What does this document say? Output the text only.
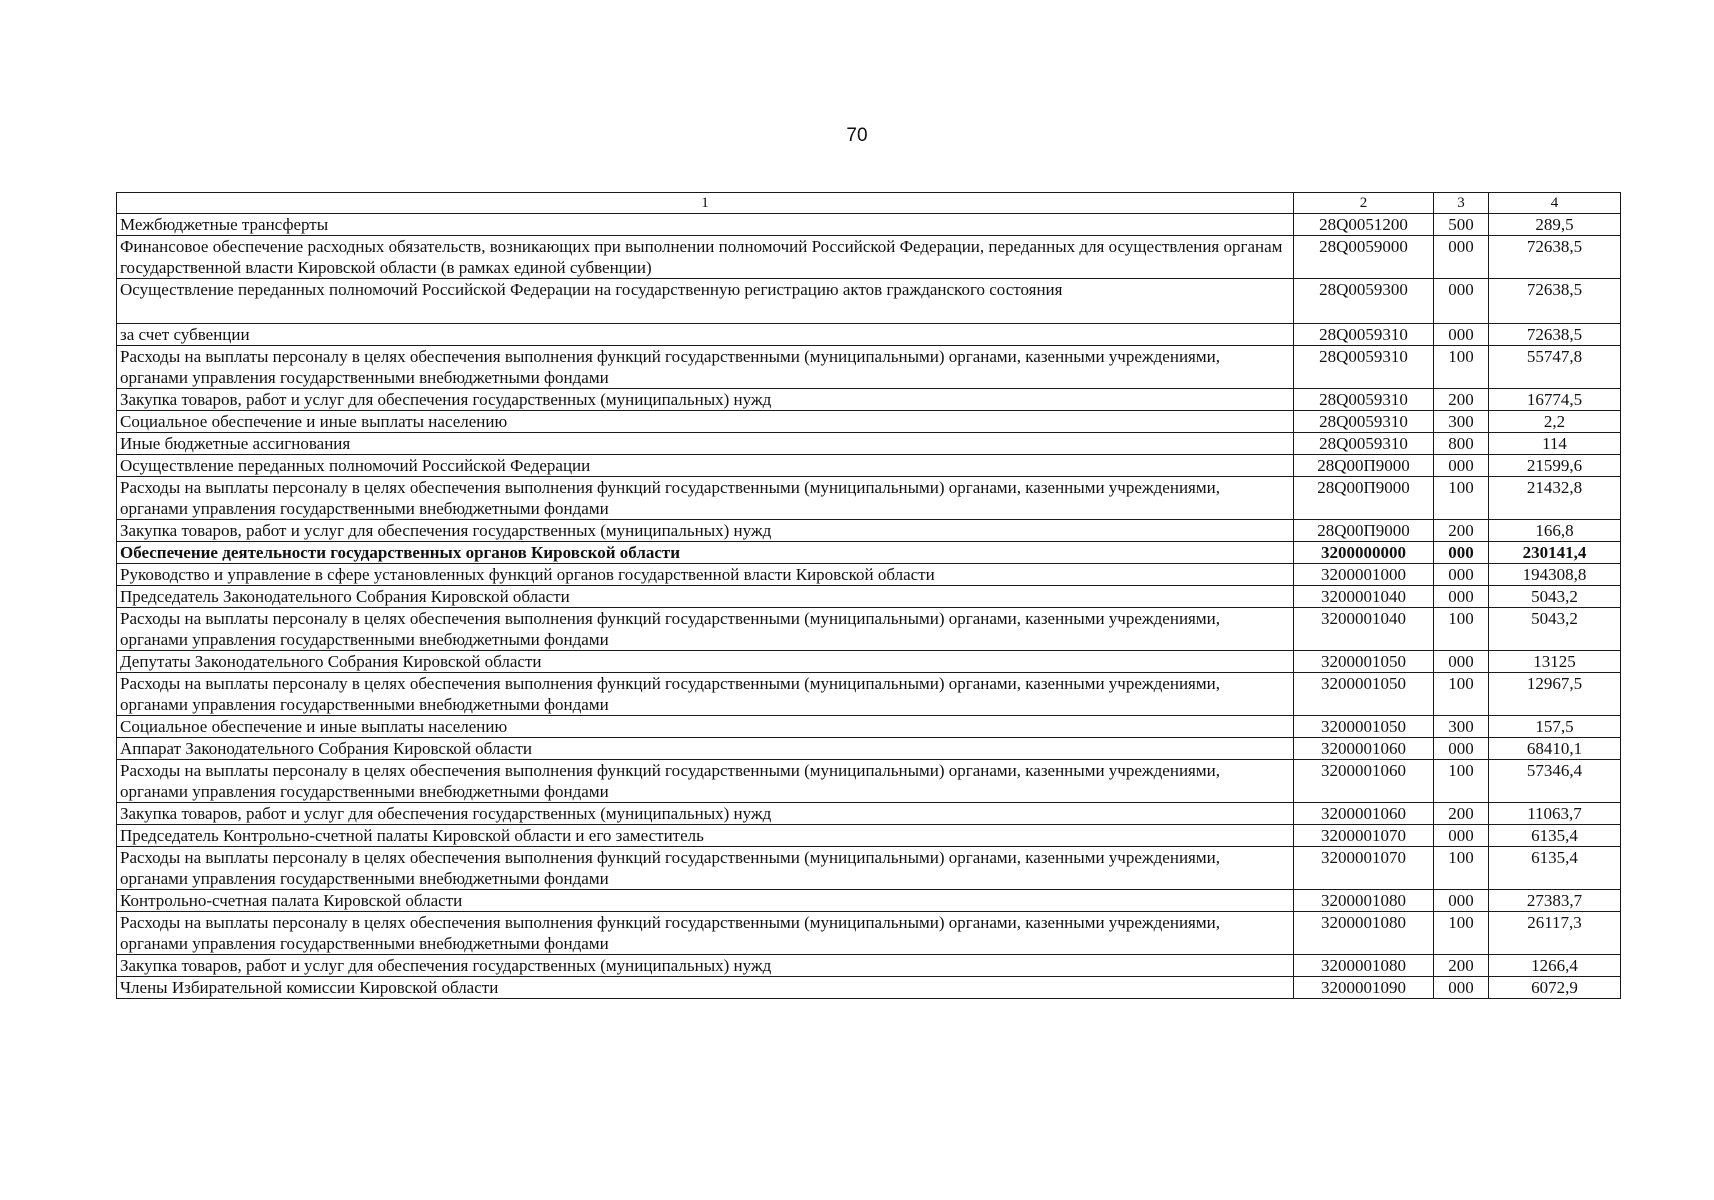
70
1	2	3	4
Межбюджетные трансферты	28Q0051200	500	289,5
Финансовое обеспечение расходных обязательств, возникающих при выполнении полномочий Российской Федерации, переданных для осуществления органам государственной власти Кировской области (в рамках единой субвенции)	28Q0059000	000	72638,5
Осуществление переданных полномочий Российской Федерации на государственную регистрацию актов гражданского состояния	28Q0059300	000	72638,5
за счет субвенции	28Q0059310	000	72638,5
Расходы на выплаты персоналу в целях обеспечения выполнения функций государственными (муниципальными) органами, казенными учреждениями, органами управления государственными внебюджетными фондами	28Q0059310	100	55747,8
Закупка товаров, работ и услуг для обеспечения государственных (муниципальных) нужд	28Q0059310	200	16774,5
Социальное обеспечение и иные выплаты населению	28Q0059310	300	2,2
Иные бюджетные ассигнования	28Q0059310	800	114
Осуществление переданных полномочий Российской Федерации	28Q00П9000	000	21599,6
Расходы на выплаты персоналу в целях обеспечения выполнения функций государственными (муниципальными) органами, казенными учреждениями, органами управления государственными внебюджетными фондами	28Q00П9000	100	21432,8
Закупка товаров, работ и услуг для обеспечения государственных (муниципальных) нужд	28Q00П9000	200	166,8
Обеспечение деятельности государственных органов Кировской области	3200000000	000	230141,4
Руководство и управление в сфере установленных функций органов государственной власти Кировской области	3200001000	000	194308,8
Председатель Законодательного Собрания Кировской области	3200001040	000	5043,2
Расходы на выплаты персоналу в целях обеспечения выполнения функций государственными (муниципальными) органами, казенными учреждениями, органами управления государственными внебюджетными фондами	3200001040	100	5043,2
Депутаты Законодательного Собрания Кировской области	3200001050	000	13125
Расходы на выплаты персоналу в целях обеспечения выполнения функций государственными (муниципальными) органами, казенными учреждениями, органами управления государственными внебюджетными фондами	3200001050	100	12967,5
Социальное обеспечение и иные выплаты населению	3200001050	300	157,5
Аппарат Законодательного Собрания Кировской области	3200001060	000	68410,1
Расходы на выплаты персоналу в целях обеспечения выполнения функций государственными (муниципальными) органами, казенными учреждениями, органами управления государственными внебюджетными фондами	3200001060	100	57346,4
Закупка товаров, работ и услуг для обеспечения государственных (муниципальных) нужд	3200001060	200	11063,7
Председатель Контрольно-счетной палаты Кировской области и его заместитель	3200001070	000	6135,4
Расходы на выплаты персоналу в целях обеспечения выполнения функций государственными (муниципальными) органами, казенными учреждениями, органами управления государственными внебюджетными фондами	3200001070	100	6135,4
Контрольно-счетная палата Кировской области	3200001080	000	27383,7
Расходы на выплаты персоналу в целях обеспечения выполнения функций государственными (муниципальными) органами, казенными учреждениями, органами управления государственными внебюджетными фондами	3200001080	100	26117,3
Закупка товаров, работ и услуг для обеспечения государственных (муниципальных) нужд	3200001080	200	1266,4
Члены Избирательной комиссии Кировской области	3200001090	000	6072,9
